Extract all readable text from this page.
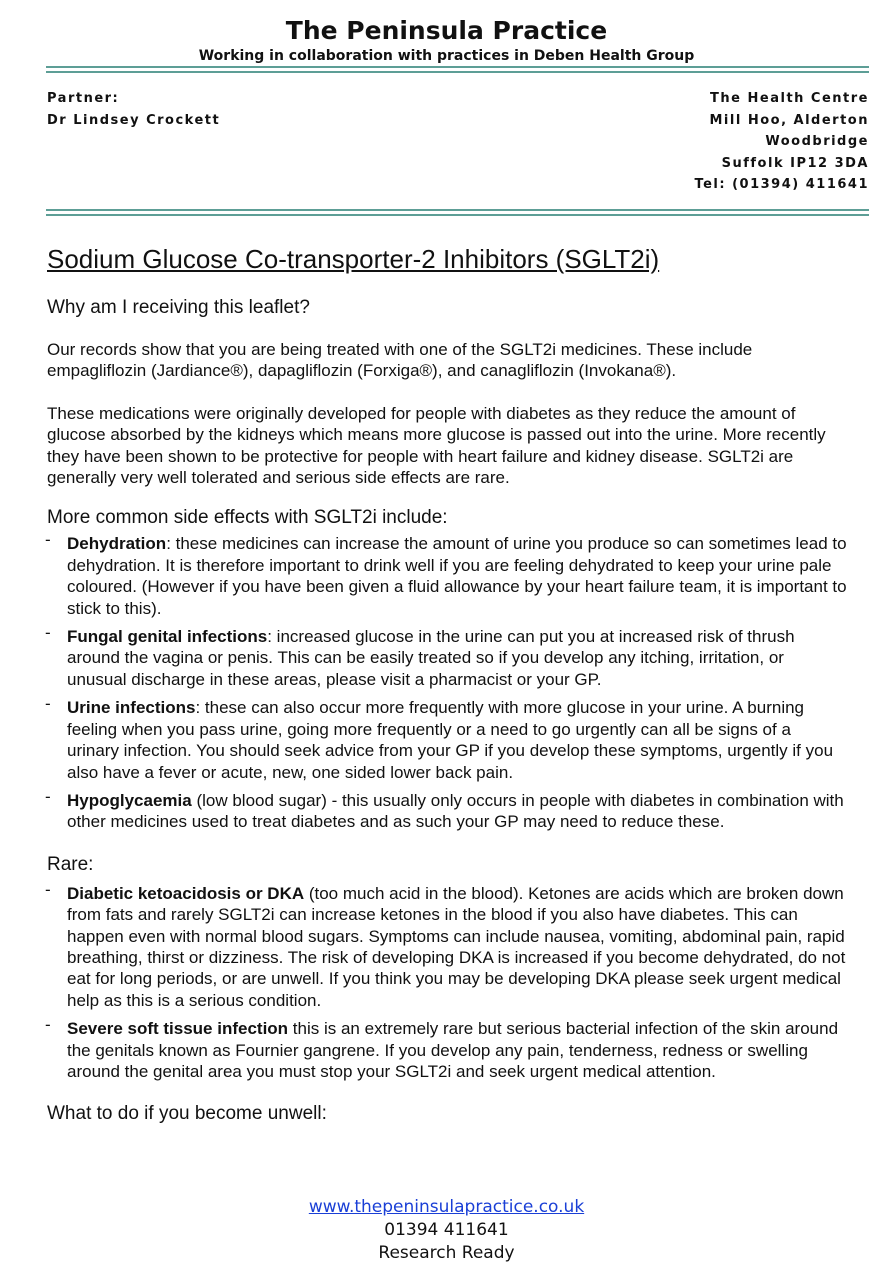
The Peninsula Practice
Working in collaboration with practices in Deben Health Group
Partner:
Dr Lindsey Crockett
The Health Centre
Mill Hoo, Alderton
Woodbridge
Suffolk IP12 3DA
Tel: (01394) 411641
Sodium Glucose Co-transporter-2 Inhibitors (SGLT2i)
Why am I receiving this leaflet?

Our records show that you are being treated with one of the SGLT2i medicines. These include empagliflozin (Jardiance®), dapagliflozin (Forxiga®), and canagliflozin (Invokana®).

These medications were originally developed for people with diabetes as they reduce the amount of glucose absorbed by the kidneys which means more glucose is passed out into the urine. More recently they have been shown to be protective for people with heart failure and kidney disease. SGLT2i are generally very well tolerated and serious side effects are rare.

More common side effects with SGLT2i include:
- Dehydration: these medicines can increase the amount of urine you produce so can sometimes lead to dehydration. It is therefore important to drink well if you are feeling dehydrated to keep your urine pale coloured. (However if you have been given a fluid allowance by your heart failure team, it is important to stick to this).
- Fungal genital infections: increased glucose in the urine can put you at increased risk of thrush around the vagina or penis. This can be easily treated so if you develop any itching, irritation, or unusual discharge in these areas, please visit a pharmacist or your GP.
- Urine infections: these can also occur more frequently with more glucose in your urine. A burning feeling when you pass urine, going more frequently or a need to go urgently can all be signs of a urinary infection. You should seek advice from your GP if you develop these symptoms, urgently if you also have a fever or acute, new, one sided lower back pain.
- Hypoglycaemia (low blood sugar) - this usually only occurs in people with diabetes in combination with other medicines used to treat diabetes and as such your GP may need to reduce these.
Rare:
- Diabetic ketoacidosis or DKA (too much acid in the blood). Ketones are acids which are broken down from fats and rarely SGLT2i can increase ketones in the blood if you also have diabetes. This can happen even with normal blood sugars. Symptoms can include nausea, vomiting, abdominal pain, rapid breathing, thirst or dizziness. The risk of developing DKA is increased if you become dehydrated, do not eat for long periods, or are unwell. If you think you may be developing DKA please seek urgent medical help as this is a serious condition.
- Severe soft tissue infection this is an extremely rare but serious bacterial infection of the skin around the genitals known as Fournier gangrene. If you develop any pain, tenderness, redness or swelling around the genital area you must stop your SGLT2i and seek urgent medical attention.
What to do if you become unwell:
www.thepeninsulapractice.co.uk
01394 411641
Research Ready
